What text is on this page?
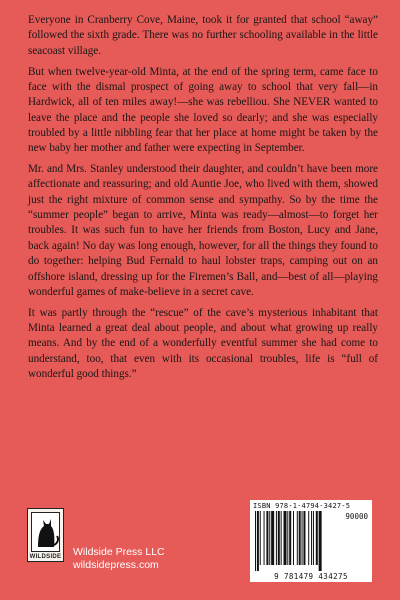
Everyone in Cranberry Cove, Maine, took it for granted that school “away” followed the sixth grade. There was no further schooling available in the little seacoast village.

But when twelve-year-old Minta, at the end of the spring term, came face to face with the dismal prospect of going away to school that very fall—in Hardwick, all of ten miles away!—she was rebelliou. She NEVER wanted to leave the place and the people she loved so dearly; and she was especially troubled by a little nibbling fear that her place at home might be taken by the new baby her mother and father were expecting in September.

Mr. and Mrs. Stanley understood their daughter, and couldn’t have been more affectionate and reassuring; and old Auntie Joe, who lived with them, showed just the right mixture of common sense and sympathy. So by the time the “summer people” began to arrive, Minta was ready—almost—to forget her troubles. It was such fun to have her friends from Boston, Lucy and Jane, back again! No day was long enough, however, for all the things they found to do together: helping Bud Fernald to haul lobster traps, camping out on an offshore island, dressing up for the Firemen’s Ball, and—best of all—playing wonderful games of make-believe in a secret cave.

It was partly through the “rescue” of the cave’s mysterious inhabitant that Minta learned a great deal about people, and about what growing up really means. And by the end of a wonderfully eventful summer she had come to understand, too, that even with its occasional troubles, life is “full of wonderful good things.”

WILDSIDE Wildside Press LLC
wildsidepress.com
ISBN 978-1-4794-3427-5
90000
9 781479 434275
